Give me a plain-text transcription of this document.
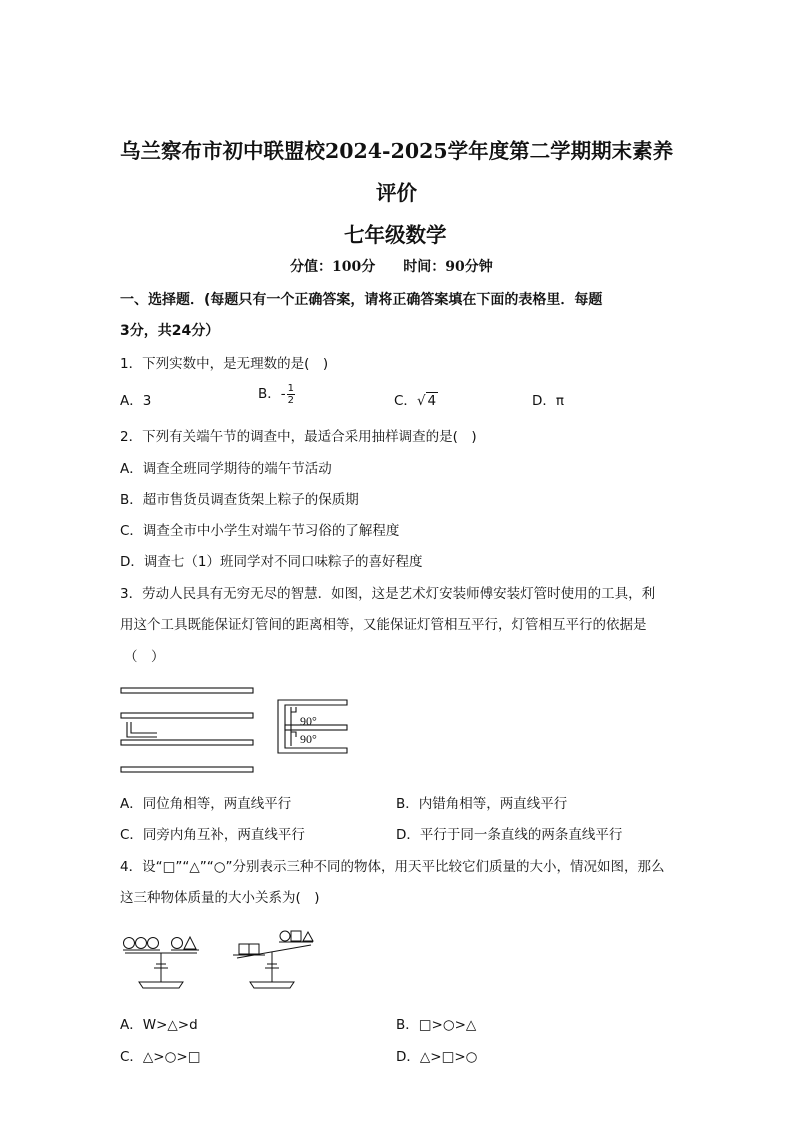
乌兰察布市初中联盟校2024-2025学年度第二学期期末素养
评价
七年级数学
分值：100分　　时间：90分钟
一、选择题．(每题只有一个正确答案，请将正确答案填在下面的表格里．每题
3分，共24分）
1．下列实数中，是无理数的是(　)
A．3	B．- $\frac{1}{2}$	C．√ 4	D．π
2．下列有关端午节的调查中，最适合采用抽样调查的是(　)
A．调查全班同学期待的端午节活动
B．超市售货员调查货架上粽子的保质期
C．调查全市中小学生对端午节习俗的了解程度
D．调查七（1）班同学对不同口味粽子的喜好程度
3．劳动人民具有无穷无尽的智慧．如图，这是艺术灯安装师傅安装灯管时使用的工具，利
用这个工具既能保证灯管间的距离相等，又能保证灯管相互平行，灯管相互平行的依据是
（　）
90°
90°
A．同位角相等，两直线平行	B．内错角相等，两直线平行
C．同旁内角互补，两直线平行	D．平行于同一条直线的两条直线平行
4．设“□”“△”“○”分别表示三种不同的物体，用天平比较它们质量的大小，情况如图，那么
这三种物体质量的大小关系为(　)
A．W>△>d	B．□>○>△
C．△>○>□	D．△>□>○
